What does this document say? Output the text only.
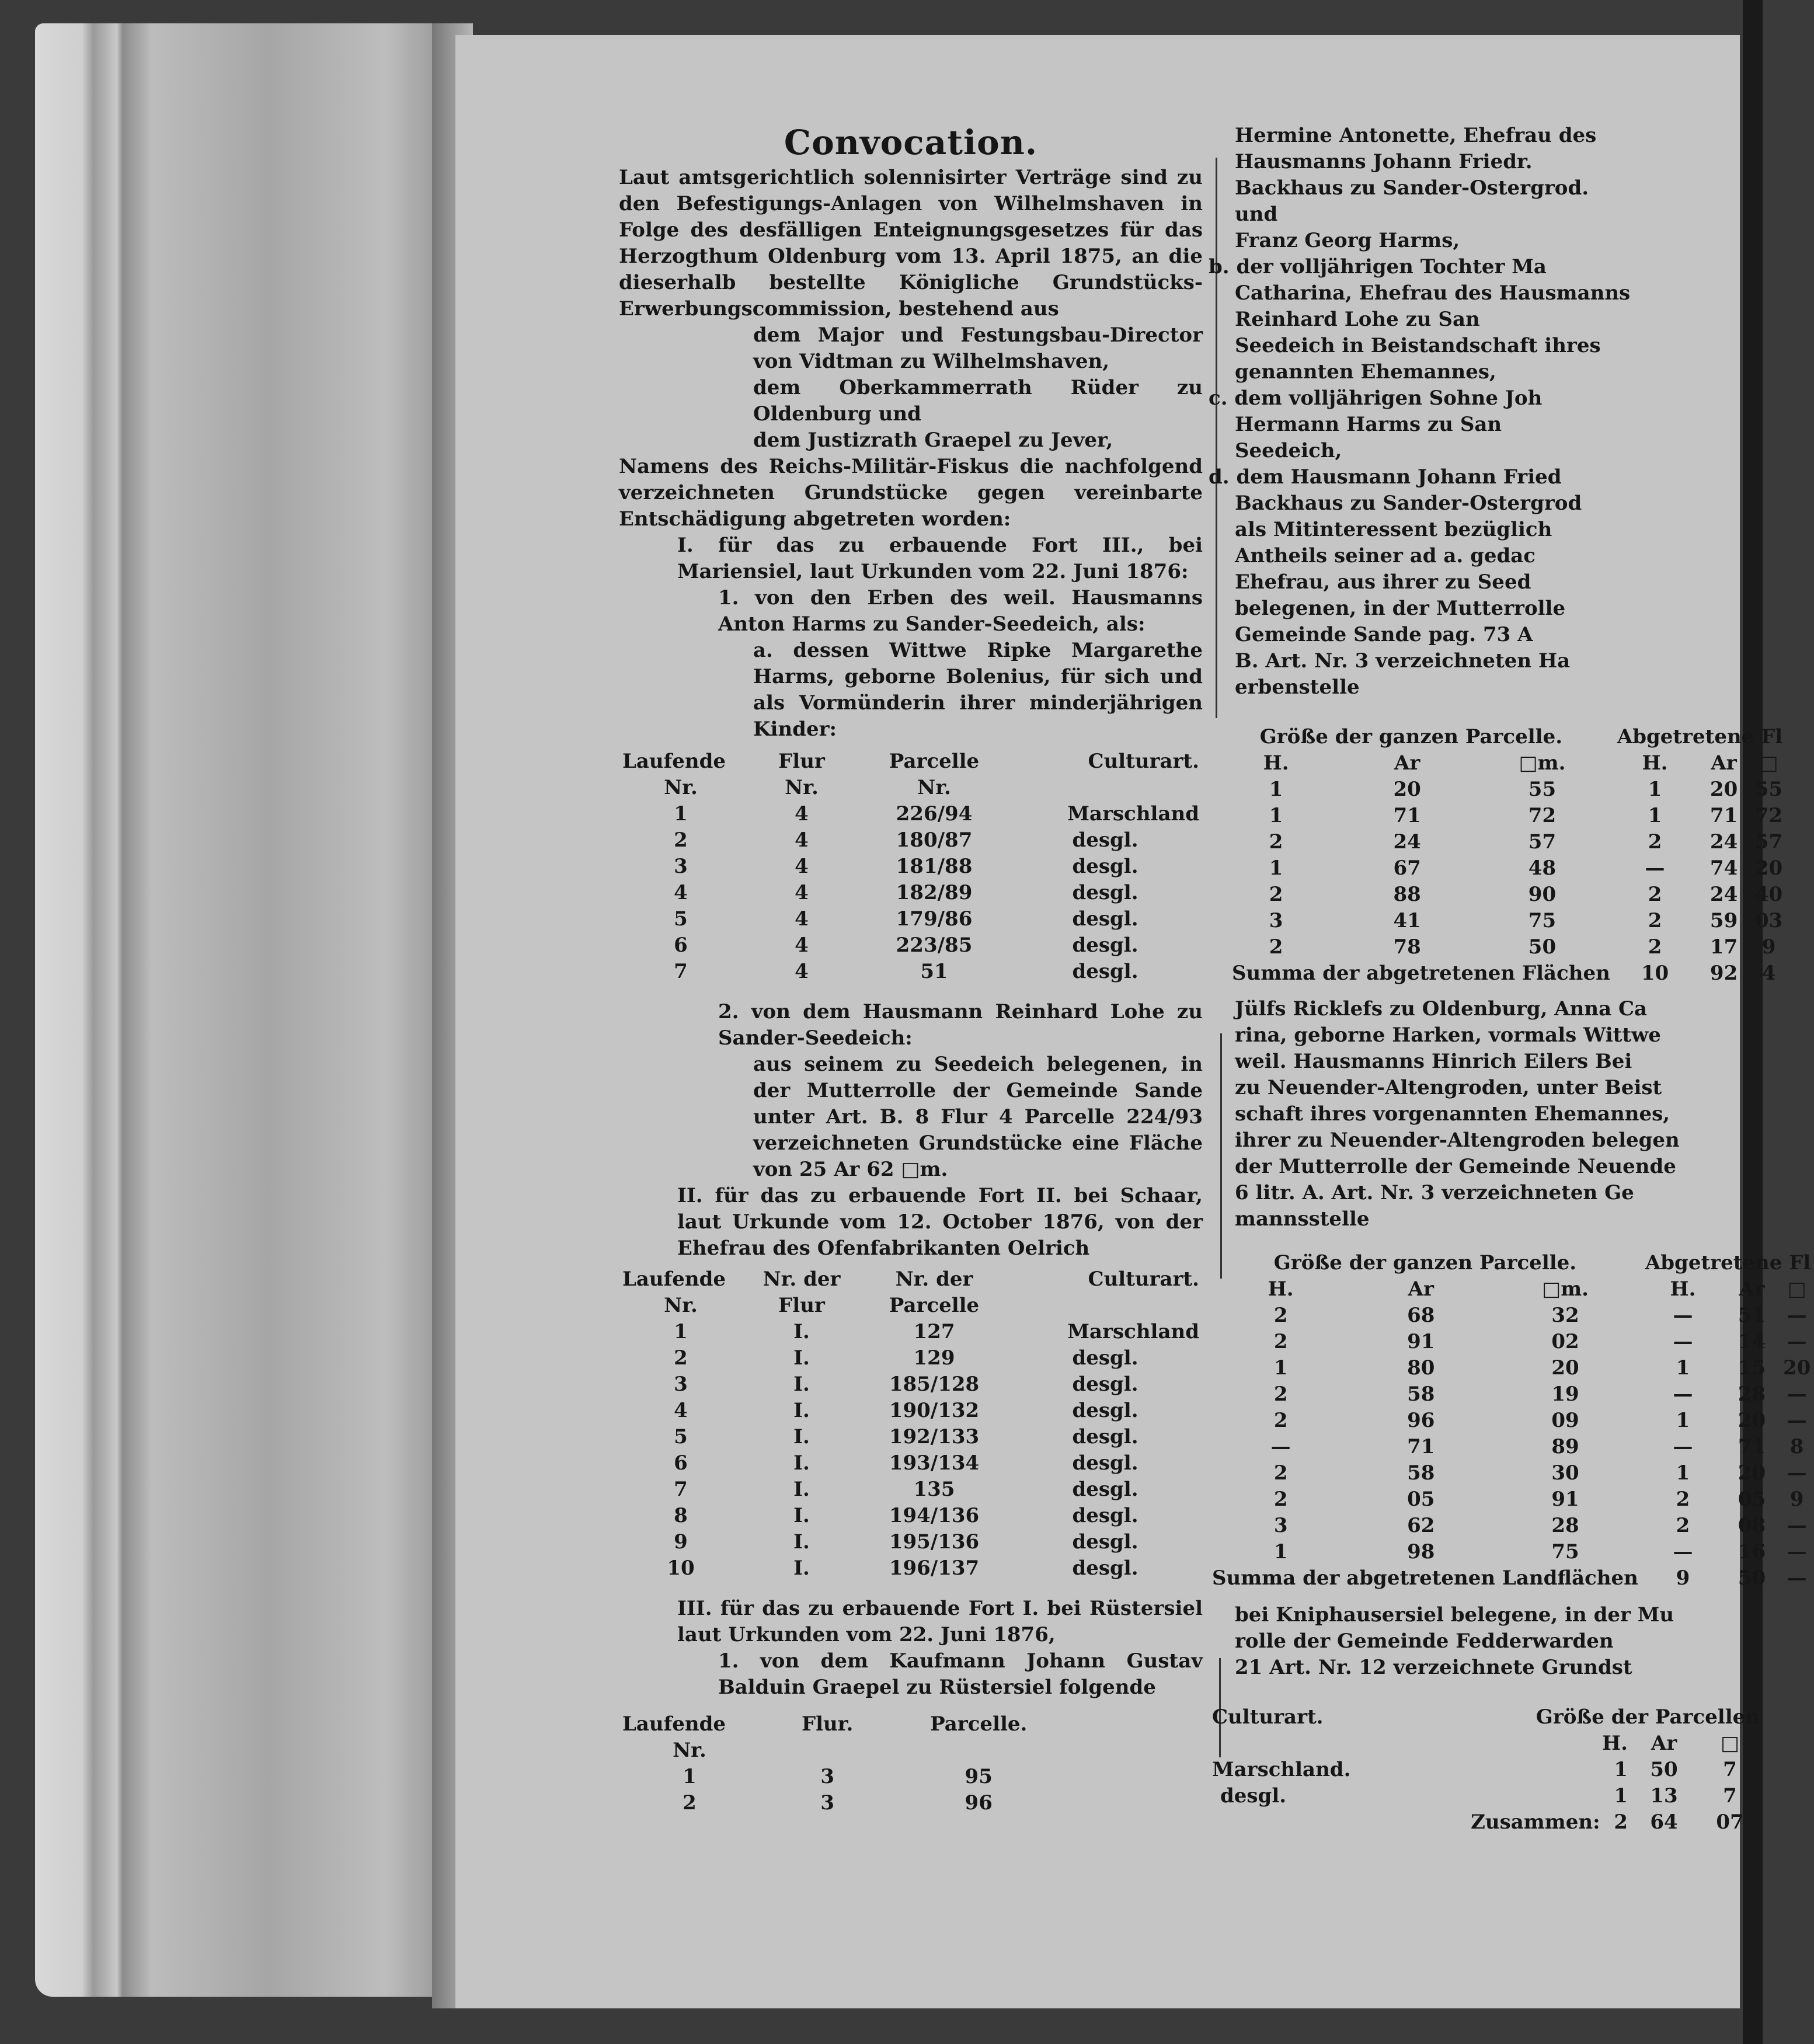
Convocation.

Laut amtsgerichtlich solennisirter Verträge sind zu den Befestigungs-Anlagen von Wilhelmshaven in Folge des desfälligen Enteignungsgesetzes für das Herzogthum Oldenburg vom 13. April 1875, an die dieserhalb bestellte Königliche Grundstücks-Erwerbungscommission, bestehend aus

dem Major und Festungsbau-Director von Vidtman zu Wilhelmshaven,

dem Oberkammerrath Rüder zu Oldenburg und

dem Justizrath Graepel zu Jever,

Namens des Reichs-Militär-Fiskus die nachfolgend verzeichneten Grundstücke gegen vereinbarte Entschädigung abgetreten worden:

I. für das zu erbauende Fort III., bei Mariensiel, laut Urkunden vom 22. Juni 1876:

1. von den Erben des weil. Hausmanns Anton Harms zu Sander-Seedeich, als:

a. dessen Wittwe Ripke Margarethe Harms, geborne Bolenius, für sich und als Vormünderin ihrer minderjährigen Kinder:

Laufende	Flur	Parcelle	Culturart.
Nr.	Nr.	Nr.	
1	4	226/94	Marschland
2	4	180/87	desgl.
3	4	181/88	desgl.
4	4	182/89	desgl.
5	4	179/86	desgl.
6	4	223/85	desgl.
7	4	51	desgl.

2. von dem Hausmann Reinhard Lohe zu Sander-Seedeich:

aus seinem zu Seedeich belegenen, in der Mutterrolle der Gemeinde Sande unter Art. B. 8 Flur 4 Parcelle 224/93 verzeichneten Grundstücke eine Fläche von 25 Ar 62 □m.

II. für das zu erbauende Fort II. bei Schaar, laut Urkunde vom 12. October 1876, von der Ehefrau des Ofenfabrikanten Oelrich

Laufende	Nr. der	Nr. der	Culturart.
Nr.	Flur	Parcelle	
1	I.	127	Marschland
2	I.	129	desgl.
3	I.	185/128	desgl.
4	I.	190/132	desgl.
5	I.	192/133	desgl.
6	I.	193/134	desgl.
7	I.	135	desgl.
8	I.	194/136	desgl.
9	I.	195/136	desgl.
10	I.	196/137	desgl.

III. für das zu erbauende Fort I. bei Rüstersiel laut Urkunden vom 22. Juni 1876,

1. von dem Kaufmann Johann Gustav Balduin Graepel zu Rüstersiel folgende

Laufende	Flur.	Parcelle.
Nr.		
1	3	95
2	3	96

Hermine Antonette, Ehefrau des

Hausmanns Johann Friedr.

Backhaus zu Sander-Ostergrod.

und

Franz Georg Harms,

b. der volljährigen Tochter Ma

Catharina, Ehefrau des Hausmanns

Reinhard Lohe zu San

Seedeich in Beistandschaft ihres

genannten Ehemannes,

c. dem volljährigen Sohne Joh

Hermann Harms zu San

Seedeich,

d. dem Hausmann Johann Fried

Backhaus zu Sander-Ostergrod

als Mitinteressent bezüglich

Antheils seiner ad a. gedac

Ehefrau, aus ihrer zu Seed

belegenen, in der Mutterrolle

Gemeinde Sande pag. 73 A

B. Art. Nr. 3 verzeichneten Ha

erbenstelle

Größe der ganzen Parcelle.			Abgetretene Fl		
H.	Ar	□m.	H.	Ar	□
1	20	55	1	20	55
1	71	72	1	71	72
2	24	57	2	24	57
1	67	48	—	74	20
2	88	90	2	24	40
3	41	75	2	59	03
2	78	50	2	17	9
Summa der abgetretenen Flächen			10	92	4

Jülfs Ricklefs zu Oldenburg, Anna Ca

rina, geborne Harken, vormals Wittwe

weil. Hausmanns Hinrich Eilers Bei

zu Neuender-Altengroden, unter Beist

schaft ihres vorgenannten Ehemannes,

ihrer zu Neuender-Altengroden belegen

der Mutterrolle der Gemeinde Neuende

6 litr. A. Art. Nr. 3 verzeichneten Ge

mannsstelle

Größe der ganzen Parcelle.			Abgetretene Fl		
H.	Ar	□m.	H.	Ar	□
2	68	32	—	51	—
2	91	02	—	14	—
1	80	20	1	15	20
2	58	19	—	28	—
2	96	09	1	20	—
—	71	89	—	71	8
2	58	30	1	20	—
2	05	91	2	05	9
3	62	28	2	08	—
1	98	75	—	16	—
Summa der abgetretenen Landflächen			9	50	—

bei Kniphausersiel belegene, in der Mu

rolle der Gemeinde Fedderwarden

21 Art. Nr. 12 verzeichnete Grundst

Culturart.	Größe der Parcellen		
	H.	Ar	□
Marschland.	1	50	7
desgl.	1	13	7
	Zusammen: 2	64	07
